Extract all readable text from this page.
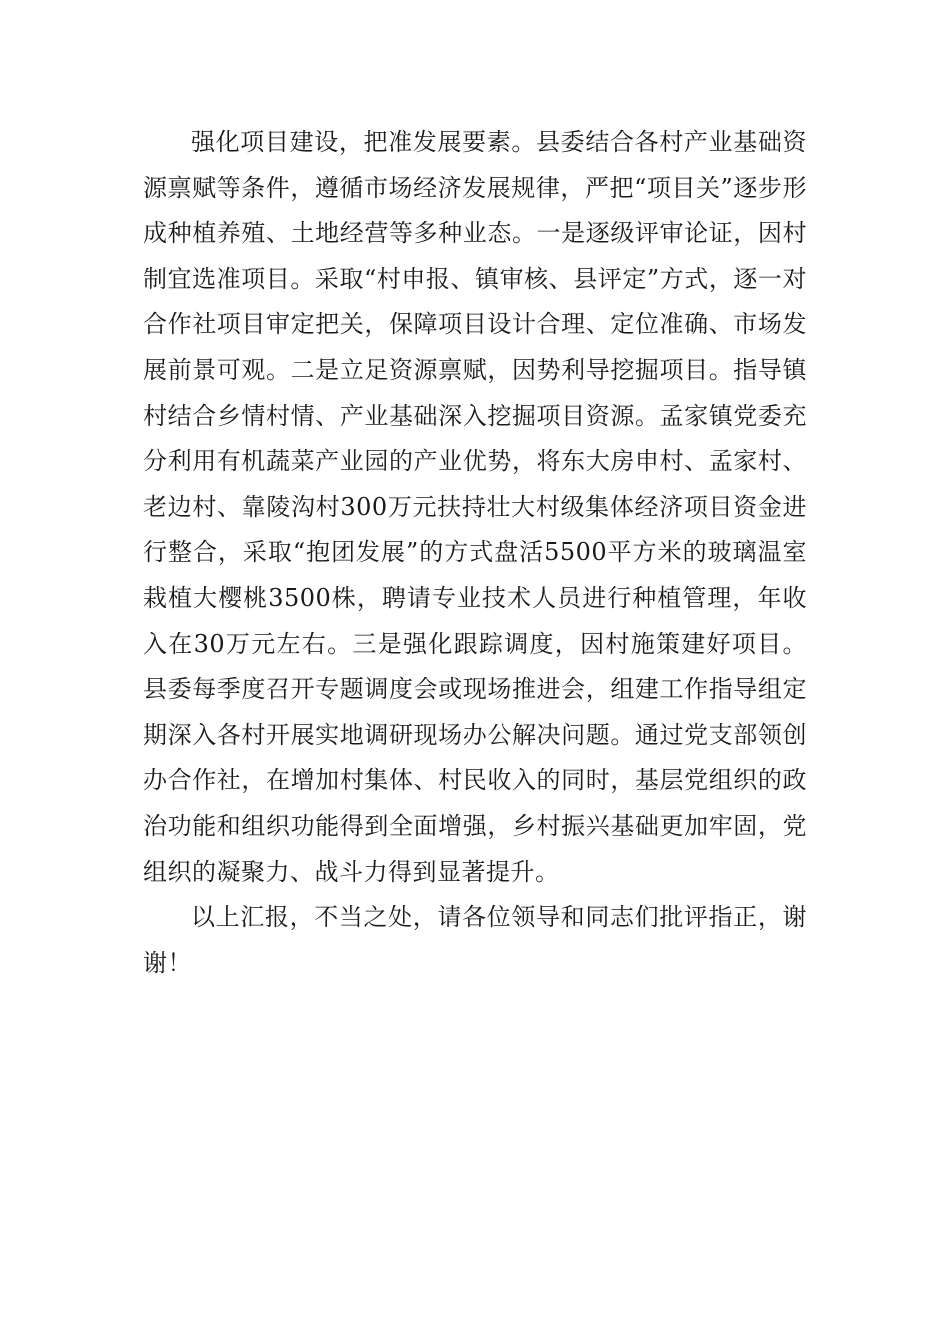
强化项目建设，把准发展要素。县委结合各村产业基础资源禀赋等条件，遵循市场经济发展规律，严把“项目关”逐步形成种植养殖、土地经营等多种业态。一是逐级评审论证，因村制宜选准项目。采取“村申报、镇审核、县评定”方式，逐一对合作社项目审定把关，保障项目设计合理、定位准确、市场发展前景可观。二是立足资源禀赋，因势利导挖掘项目。指导镇村结合乡情村情、产业基础深入挖掘项目资源。孟家镇党委充分利用有机蔬菜产业园的产业优势，将东大房申村、孟家村、老边村、靠陵沟村300万元扶持壮大村级集体经济项目资金进行整合，采取“抱团发展”的方式盘活5500平方米的玻璃温室栽植大樱桃3500株，聘请专业技术人员进行种植管理，年收入在30万元左右。三是强化跟踪调度，因村施策建好项目。县委每季度召开专题调度会或现场推进会，组建工作指导组定期深入各村开展实地调研现场办公解决问题。通过党支部领创办合作社，在增加村集体、村民收入的同时，基层党组织的政治功能和组织功能得到全面增强，乡村振兴基础更加牢固，党组织的凝聚力、战斗力得到显著提升。

以上汇报，不当之处，请各位领导和同志们批评指正，谢谢！
